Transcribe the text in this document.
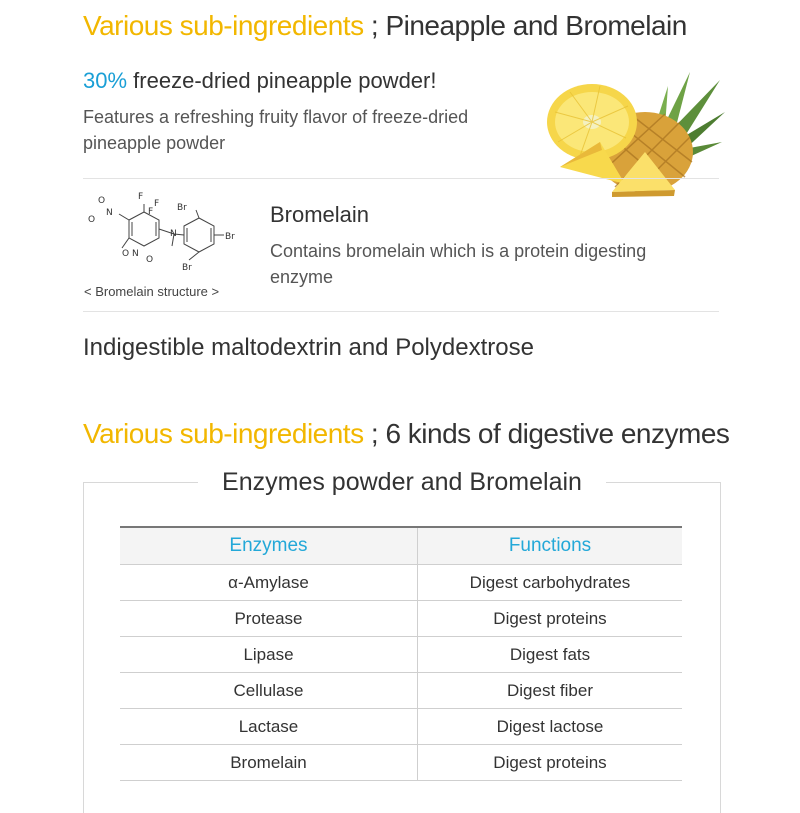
Various sub-ingredients ; Pineapple and Bromelain
30% freeze-dried pineapple powder!
Features a refreshing fruity flavor of freeze-dried
pineapple powder
O
N
O
F
F
F	Br
N	Br
O N
O
Br
< Bromelain structure >
Bromelain
Contains bromelain which is a protein digesting
enzyme
Indigestible maltodextrin and Polydextrose
Various sub-ingredients ; 6 kinds of digestive enzymes
Enzymes powder and Bromelain
Enzymes	Functions
α-Amylase	Digest carbohydrates
Protease	Digest proteins
Lipase	Digest fats
Cellulase	Digest fiber
Lactase	Digest lactose
Bromelain	Digest proteins
